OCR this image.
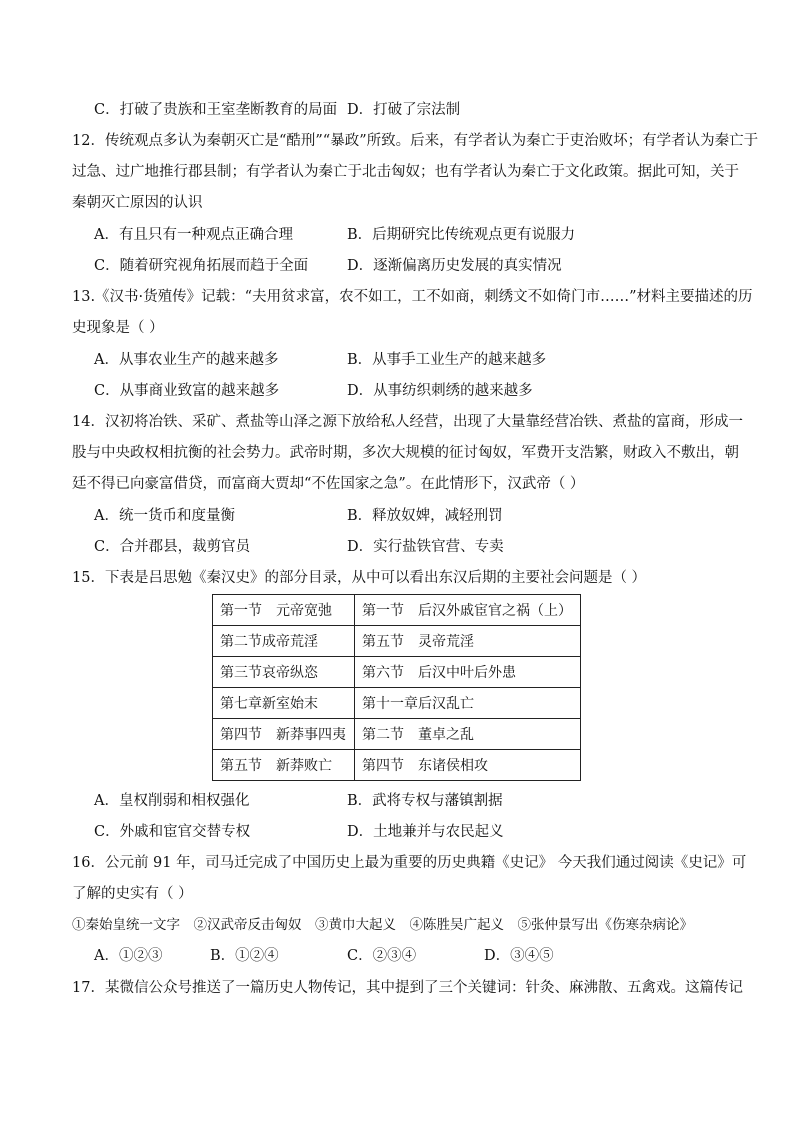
C．打破了贵族和王室垄断教育的局面 D．打破了宗法制
12．传统观点多认为秦朝灭亡是“酷刑”“暴政”所致。后来，有学者认为秦亡于吏治败坏；有学者认为秦亡于
过急、过广地推行郡县制；有学者认为秦亡于北击匈奴；也有学者认为秦亡于文化政策。据此可知，关于
秦朝灭亡原因的认识
A．有且只有一种观点正确合理	B．后期研究比传统观点更有说服力
C．随着研究视角拓展而趋于全面	D．逐渐偏离历史发展的真实情况
13.《汉书·货殖传》记载：“夫用贫求富，农不如工，工不如商，刺绣文不如倚门市……”材料主要描述的历
史现象是（ ）
A．从事农业生产的越来越多	B．从事手工业生产的越来越多
C．从事商业致富的越来越多	D．从事纺织刺绣的越来越多
14．汉初将冶铁、采矿、煮盐等山泽之源下放给私人经营，出现了大量靠经营冶铁、煮盐的富商，形成一
股与中央政权相抗衡的社会势力。武帝时期，多次大规模的征讨匈奴，军费开支浩繁，财政入不敷出，朝
廷不得已向豪富借贷，而富商大贾却“不佐国家之急”。在此情形下，汉武帝（ ）
A．统一货币和度量衡	B．释放奴婢，减轻刑罚
C．合并郡县，裁剪官员	D．实行盐铁官营、专卖
15．下表是吕思勉《秦汉史》的部分目录，从中可以看出东汉后期的主要社会问题是（ ）
第一节　元帝宽弛	第一节　后汉外戚宦官之祸（上）
第二节成帝荒淫	第五节　灵帝荒淫
第三节哀帝纵恣	第六节　后汉中叶后外患
第七章新室始末	第十一章后汉乱亡
第四节　新莽事四夷	第二节　董卓之乱
第五节　新莽败亡	第四节　东诸侯相攻
A．皇权削弱和相权强化	B．武将专权与藩镇割据
C．外戚和宦官交替专权	D．土地兼并与农民起义
16．公元前 91 年，司马迁完成了中国历史上最为重要的历史典籍《史记》 今天我们通过阅读《史记》可
了解的史实有（ ）
①秦始皇统一文字　②汉武帝反击匈奴　③黄巾大起义　④陈胜吴广起义　⑤张仲景写出《伤寒杂病论》
A．①②③	B．①②④	C．②③④	D．③④⑤
17．某微信公众号推送了一篇历史人物传记，其中提到了三个关键词：针灸、麻沸散、五禽戏。这篇传记
